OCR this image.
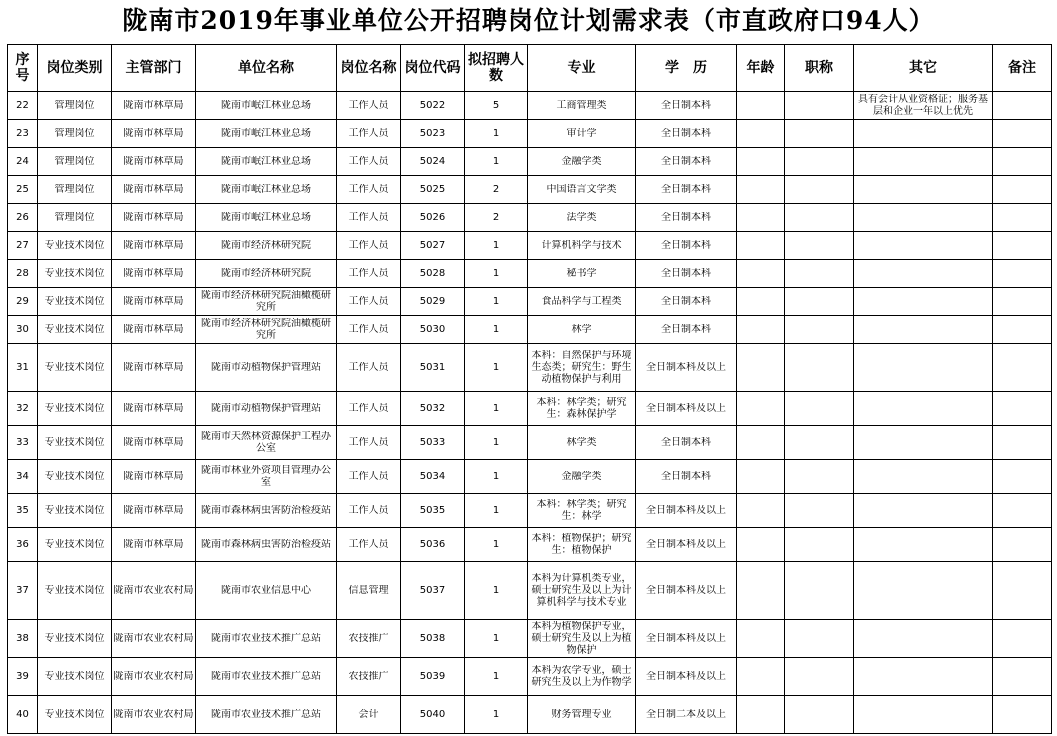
陇南市2019年事业单位公开招聘岗位计划需求表（市直政府口94人）
序号	岗位类别	主管部门	单位名称	岗位名称	岗位代码	拟招聘人数	专业	学　历	年龄	职称	其它	备注

22	管理岗位	陇南市林草局	陇南市岷江林业总场	工作人员	5022	5	工商管理类	全日制本科			具有会计从业资格证；服务基层和企业一年以上优先	

23	管理岗位	陇南市林草局	陇南市岷江林业总场	工作人员	5023	1	审计学	全日制本科				

24	管理岗位	陇南市林草局	陇南市岷江林业总场	工作人员	5024	1	金融学类	全日制本科				

25	管理岗位	陇南市林草局	陇南市岷江林业总场	工作人员	5025	2	中国语言文学类	全日制本科				

26	管理岗位	陇南市林草局	陇南市岷江林业总场	工作人员	5026	2	法学类	全日制本科				

27	专业技术岗位	陇南市林草局	陇南市经济林研究院	工作人员	5027	1	计算机科学与技术	全日制本科				

28	专业技术岗位	陇南市林草局	陇南市经济林研究院	工作人员	5028	1	秘书学	全日制本科				

29	专业技术岗位	陇南市林草局	陇南市经济林研究院油橄榄研究所	工作人员	5029	1	食品科学与工程类	全日制本科				

30	专业技术岗位	陇南市林草局	陇南市经济林研究院油橄榄研究所	工作人员	5030	1	林学	全日制本科				

31	专业技术岗位	陇南市林草局	陇南市动植物保护管理站	工作人员	5031	1	本科：自然保护与环境生态类；研究生：野生动植物保护与利用	全日制本科及以上				

32	专业技术岗位	陇南市林草局	陇南市动植物保护管理站	工作人员	5032	1	本科：林学类；研究生：森林保护学	全日制本科及以上				

33	专业技术岗位	陇南市林草局	陇南市天然林资源保护工程办公室	工作人员	5033	1	林学类	全日制本科				

34	专业技术岗位	陇南市林草局	陇南市林业外资项目管理办公室	工作人员	5034	1	金融学类	全日制本科				

35	专业技术岗位	陇南市林草局	陇南市森林病虫害防治检疫站	工作人员	5035	1	本科：林学类；研究生：林学	全日制本科及以上				

36	专业技术岗位	陇南市林草局	陇南市森林病虫害防治检疫站	工作人员	5036	1	本科：植物保护；研究生：植物保护	全日制本科及以上				

37	专业技术岗位	陇南市农业农村局	陇南市农业信息中心	信息管理	5037	1	本科为计算机类专业，硕士研究生及以上为计算机科学与技术专业	全日制本科及以上				

38	专业技术岗位	陇南市农业农村局	陇南市农业技术推广总站	农技推广	5038	1	本科为植物保护专业，硕士研究生及以上为植物保护	全日制本科及以上				

39	专业技术岗位	陇南市农业农村局	陇南市农业技术推广总站	农技推广	5039	1	本科为农学专业，硕士研究生及以上为作物学	全日制本科及以上				

40	专业技术岗位	陇南市农业农村局	陇南市农业技术推广总站	会计	5040	1	财务管理专业	全日制二本及以上				
